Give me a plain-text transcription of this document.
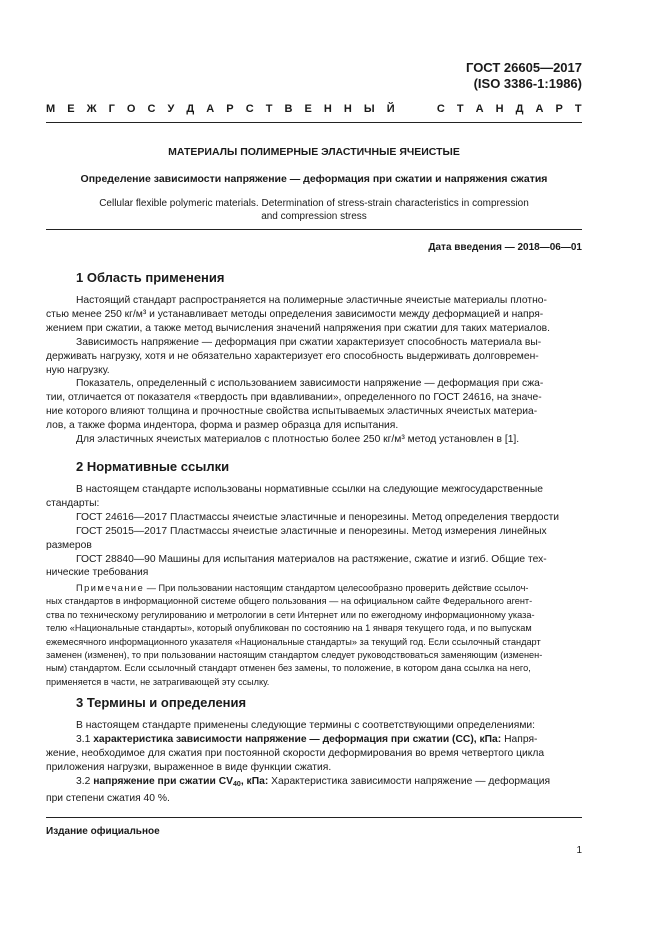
ГОСТ 26605—2017
(ISO 3386-1:1986)
М Е Ж Г О С У Д А Р С Т В Е Н Н Ы Й

	С Т А Н Д А Р Т
МАТЕРИАЛЫ ПОЛИМЕРНЫЕ ЭЛАСТИЧНЫЕ ЯЧЕИСТЫЕ
Определение зависимости напряжение — деформация при сжатии и напряжения сжатия
Cellular flexible polymeric materials. Determination of stress-strain characteristics in compression
and compression stress
Дата введения — 2018—06—01
1 Область применения
Настоящий стандарт распространяется на полимерные эластичные ячеистые материалы плотно-
стью менее 250 кг/м³ и устанавливает методы определения зависимости между деформацией и напря-
жением при сжатии, а также метод вычисления значений напряжения при сжатии для таких материалов.
Зависимость напряжение — деформация при сжатии характеризует способность материала вы-
держивать нагрузку, хотя и не обязательно характеризует его способность выдерживать долговремен-
ную нагрузку.
Показатель, определенный с использованием зависимости напряжение — деформация при сжа-
тии, отличается от показателя «твердость при вдавливании», определенного по ГОСТ 24616, на значе-
ние которого влияют толщина и прочностные свойства испытываемых эластичных ячеистых материа-
лов, а также форма индентора, форма и размер образца для испытания.
Для эластичных ячеистых материалов с плотностью более 250 кг/м³ метод установлен в [1].
2 Нормативные ссылки
В настоящем стандарте использованы нормативные ссылки на следующие межгосударственные
стандарты:
ГОСТ 24616—2017 Пластмассы ячеистые эластичные и пенорезины. Метод определения твердости
ГОСТ 25015—2017 Пластмассы ячеистые эластичные и пенорезины. Метод измерения линейных
размеров
ГОСТ 28840—90 Машины для испытания материалов на растяжение, сжатие и изгиб. Общие тех-
нические требования
Примечание — При пользовании настоящим стандартом целесообразно проверить действие ссылоч-
ных стандартов в информационной системе общего пользования — на официальном сайте Федерального агент-
ства по техническому регулированию и метрологии в сети Интернет или по ежегодному информационному указа-
телю «Национальные стандарты», который опубликован по состоянию на 1 января текущего года, и по выпускам
ежемесячного информационного указателя «Национальные стандарты» за текущий год. Если ссылочный стандарт
заменен (изменен), то при пользовании настоящим стандартом следует руководствоваться заменяющим (изменен-
ным) стандартом. Если ссылочный стандарт отменен без замены, то положение, в котором дана ссылка на него,
применяется в части, не затрагивающей эту ссылку.
3 Термины и определения
В настоящем стандарте применены следующие термины с соответствующими определениями:
3.1 характеристика зависимости напряжение — деформация при сжатии (СС), кПа: Напря-
жение, необходимое для сжатия при постоянной скорости деформирования во время четвертого цикла
приложения нагрузки, выраженное в виде функции сжатия.
3.2 напряжение при сжатии CV40, кПа: Характеристика зависимости напряжение — деформация
при степени сжатия 40 %.
Издание официальное
1
